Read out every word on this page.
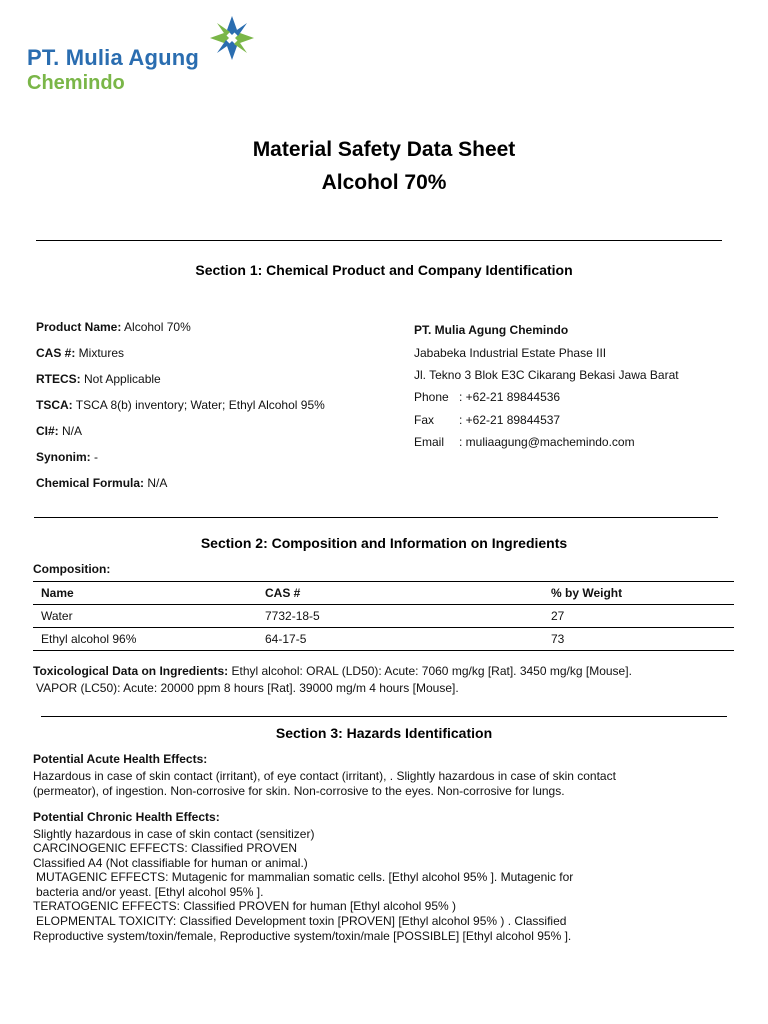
PT. Mulia Agung
Chemindo
Material Safety Data Sheet
Alcohol 70%
Section 1: Chemical Product and Company Identification
Product Name: Alcohol 70%
CAS #: Mixtures
RTECS: Not Applicable
TSCA: TSCA 8(b) inventory; Water; Ethyl Alcohol 95%
CI#: N/A
Synonim: -
Chemical Formula: N/A
PT. Mulia Agung Chemindo
Jababeka Industrial Estate Phase III
Jl. Tekno 3 Blok E3C Cikarang Bekasi Jawa Barat
Phone : +62-21 89844536
Fax : +62-21 89844537
Email : muliaagung@machemindo.com
Section 2: Composition and Information on Ingredients
Composition:
Name	CAS #	% by Weight
Water	7732-18-5	27
Ethyl alcohol 96%	64-17-5	73
Toxicological Data on Ingredients: Ethyl alcohol: ORAL (LD50): Acute: 7060 mg/kg [Rat]. 3450 mg/kg [Mouse].
VAPOR (LC50): Acute: 20000 ppm 8 hours [Rat]. 39000 mg/m 4 hours [Mouse].
Section 3: Hazards Identification
Potential Acute Health Effects:
Hazardous in case of skin contact (irritant), of eye contact (irritant), . Slightly hazardous in case of skin contact
(permeator), of ingestion. Non-corrosive for skin. Non-corrosive to the eyes. Non-corrosive for lungs.
Potential Chronic Health Effects:
Slightly hazardous in case of skin contact (sensitizer)
CARCINOGENIC EFFECTS: Classified PROVEN
Classified A4 (Not classifiable for human or animal.)
MUTAGENIC EFFECTS: Mutagenic for mammalian somatic cells. [Ethyl alcohol 95% ]. Mutagenic for
bacteria and/or yeast. [Ethyl alcohol 95% ].
TERATOGENIC EFFECTS: Classified PROVEN for human [Ethyl alcohol 95% )
ELOPMENTAL TOXICITY: Classified Development toxin [PROVEN] [Ethyl alcohol 95% ) . Classified
Reproductive system/toxin/female, Reproductive system/toxin/male [POSSIBLE] [Ethyl alcohol 95% ].
